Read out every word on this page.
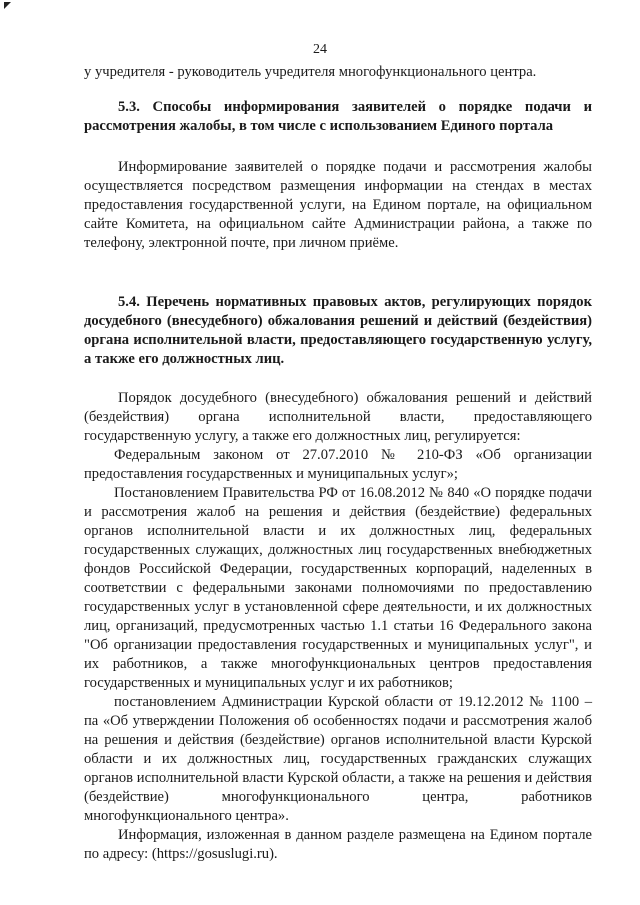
24

у учредителя - руководитель учредителя многофункционального центра.

5.3. Способы информирования заявителей о порядке подачи и рассмотрения жалобы, в том числе с использованием Единого портала

Информирование заявителей о порядке подачи и рассмотрения жалобы осуществляется посредством размещения информации на стендах в местах предоставления государственной услуги, на Едином портале, на официальном сайте Комитета, на официальном сайте Администрации района, а также по телефону, электронной почте, при личном приёме.

5.4. Перечень нормативных правовых актов, регулирующих порядок досудебного (внесудебного) обжалования решений и действий (бездействия) органа исполнительной власти, предоставляющего государственную услугу, а также его должностных лиц.

Порядок досудебного (внесудебного) обжалования решений и действий (бездействия) органа исполнительной власти, предоставляющего государственную услугу, а также его должностных лиц, регулируется:

Федеральным законом от 27.07.2010 № 210-ФЗ «Об организации предоставления государственных и муниципальных услуг»;

Постановлением Правительства РФ от 16.08.2012 № 840 «О порядке подачи и рассмотрения жалоб на решения и действия (бездействие) федеральных органов исполнительной власти и их должностных лиц, федеральных государственных служащих, должностных лиц государственных внебюджетных фондов Российской Федерации, государственных корпораций, наделенных в соответствии с федеральными законами полномочиями по предоставлению государственных услуг в установленной сфере деятельности, и их должностных лиц, организаций, предусмотренных частью 1.1 статьи 16 Федерального закона "Об организации предоставления государственных и муниципальных услуг", и их работников, а также многофункциональных центров предоставления государственных и муниципальных услуг и их работников;

постановлением Администрации Курской области от 19.12.2012 № 1100 – па «Об утверждении Положения об особенностях подачи и рассмотрения жалоб на решения и действия (бездействие) органов исполнительной власти Курской области и их должностных лиц, государственных гражданских служащих органов исполнительной власти Курской области, а также на решения и действия (бездействие) многофункционального центра, работников многофункционального центра».

Информация, изложенная в данном разделе размещена на Едином портале по адресу: (https://gosuslugi.ru).
